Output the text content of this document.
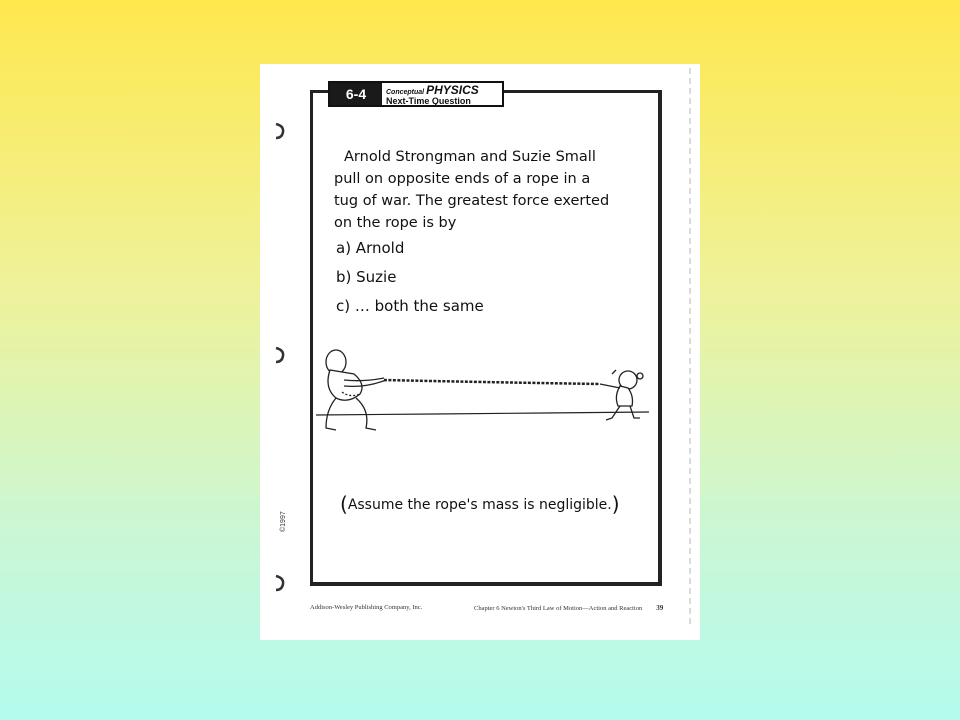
6-4	Conceptual PHYSICS
Next-Time Question

Arnold Strongman and Suzie Small

pull on opposite ends of a rope in a

tug of war. The greatest force exerted

on the rope is by

a) Arnold
b) Suzie
c) … both the same
(Assume the rope's mass is negligible.)
©1997
Addison-Wesley Publishing Company, Inc.	Chapter 6 Newton's Third Law of Motion—Action and Reaction 39
